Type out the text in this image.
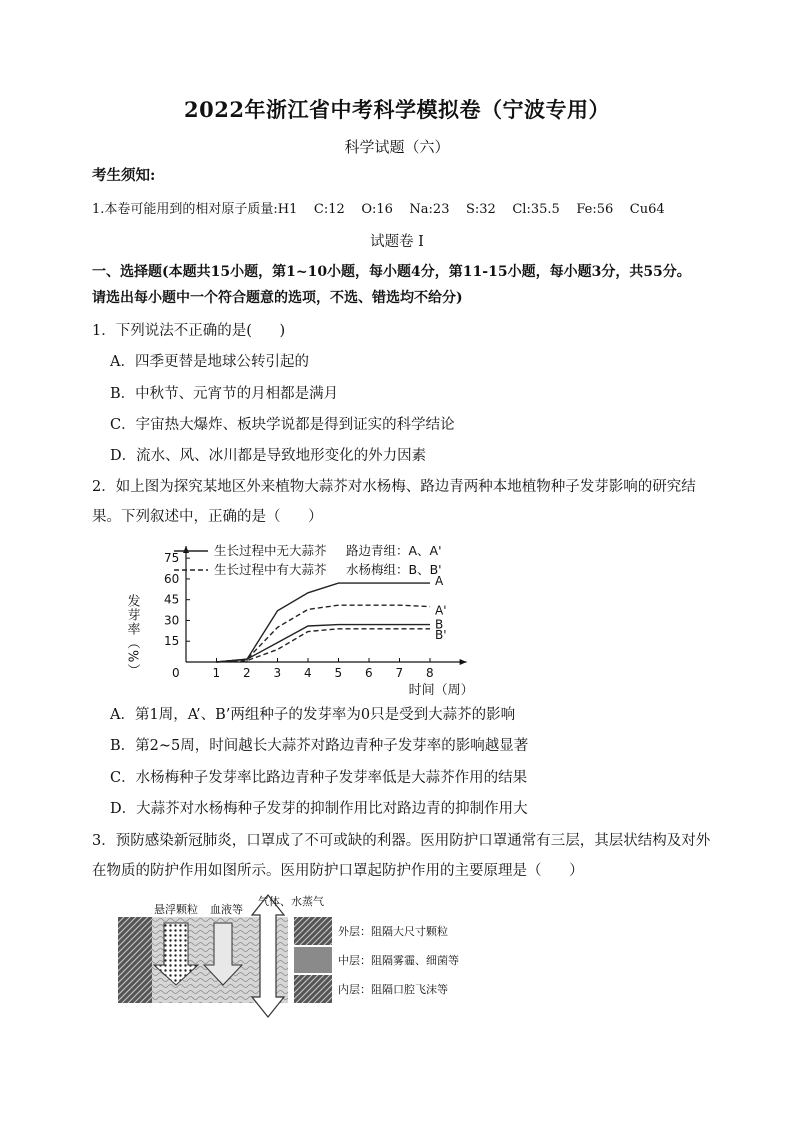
2022年浙江省中考科学模拟卷（宁波专用）
科学试题（六）
考生须知:
1.本卷可能用到的相对原子质量:H1    C:12    O:16    Na:23    S:32    Cl:35.5    Fe:56    Cu64
试题卷 Ⅰ
一、选择题(本题共15小题，第1~10小题，每小题4分，第11-15小题，每小题3分，共55分。
请选出每小题中一个符合题意的选项，不选、错选均不给分)
1．下列说法不正确的是(      )
A．四季更替是地球公转引起的
B．中秋节、元宵节的月相都是满月
C．宇宙热大爆炸、板块学说都是得到证实的科学结论
D．流水、风、冰川都是导致地形变化的外力因素
2．如上图为探究某地区外来植物大蒜芥对水杨梅、路边青两种本地植物种子发芽影响的研究结
果。下列叙述中，正确的是（      ）
0	1 2 3 4 5 6 7 8
15
30
45
60
75
发芽率（%）
时间（周）
A
A'
B
B'
生长过程中无大蒜芥
生长过程中有大蒜芥
路边青组：A、A'
水杨梅组：B、B'
A．第1周，A’、B’两组种子的发芽率为0只是受到大蒜芥的影响
B．第2~5周，时间越长大蒜芥对路边青种子发芽率的影响越显著
C．水杨梅种子发芽率比路边青种子发芽率低是大蒜芥作用的结果
D．大蒜芥对水杨梅种子发芽的抑制作用比对路边青的抑制作用大
3．预防感染新冠肺炎，口罩成了不可或缺的利器。医用防护口罩通常有三层，其层状结构及对外
在物质的防护作用如图所示。医用防护口罩起防护作用的主要原理是（      ）
悬浮颗粒 血液等
气体、水蒸气
外层：阻隔大尺寸颗粒
中层：阻隔雾霾、细菌等
内层：阻隔口腔飞沫等
